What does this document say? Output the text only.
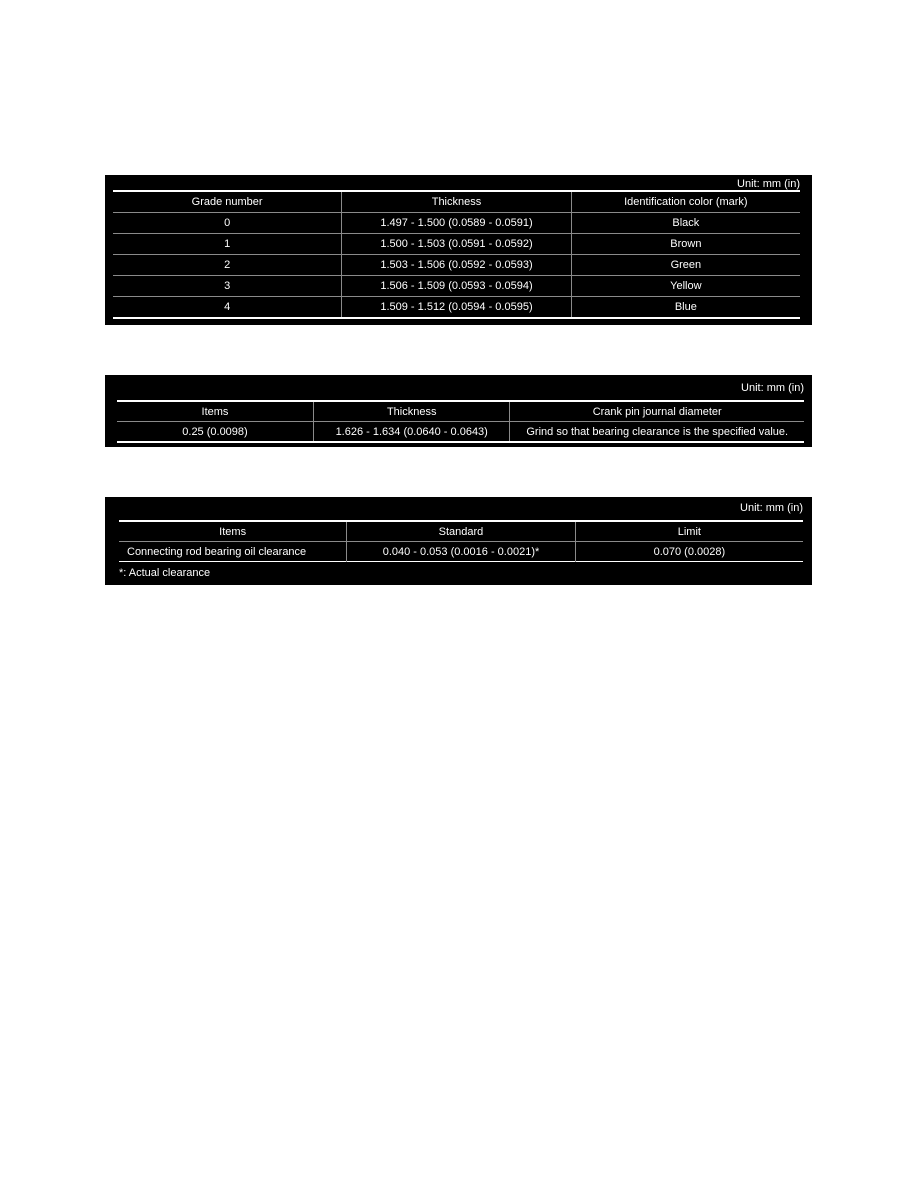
Unit: mm (in)
Grade number	Thickness	Identification color (mark)
0	1.497 - 1.500 (0.0589 - 0.0591)	Black
1	1.500 - 1.503 (0.0591 - 0.0592)	Brown
2	1.503 - 1.506 (0.0592 - 0.0593)	Green
3	1.506 - 1.509 (0.0593 - 0.0594)	Yellow
4	1.509 - 1.512 (0.0594 - 0.0595)	Blue
Unit: mm (in)
Items	Thickness	Crank pin journal diameter
0.25 (0.0098)	1.626 - 1.634 (0.0640 - 0.0643)	Grind so that bearing clearance is the specified value.
Unit: mm (in)
Items	Standard	Limit
Connecting rod bearing oil clearance	0.040 - 0.053 (0.0016 - 0.0021)*	0.070 (0.0028)
*: Actual clearance
